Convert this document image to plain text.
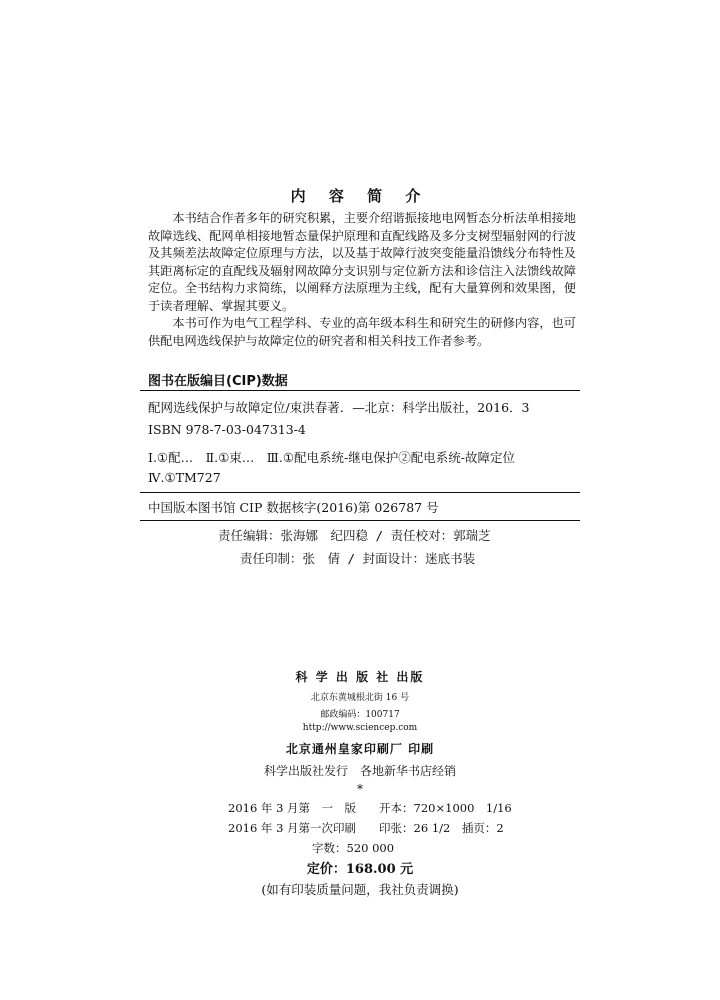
内 容 简 介

本书结合作者多年的研究积累，主要介绍谐振接地电网暂态分析法单相接地故障选线、配网单相接地暂态量保护原理和直配线路及多分支树型辐射网的行波及其频差法故障定位原理与方法，以及基于故障行波突变能量沿馈线分布特性及其距离标定的直配线及辐射网故障分支识别与定位新方法和诊信注入法馈线故障定位。全书结构力求简练，以阐释方法原理为主线，配有大量算例和效果图，便于读者理解、掌握其要义。

本书可作为电气工程学科、专业的高年级本科生和研究生的研修内容，也可供配电网选线保护与故障定位的研究者和相关科技工作者参考。

图书在版编目(CIP)数据
配网选线保护与故障定位/束洪春著．—北京：科学出版社，2016．3
ISBN 978-7-03-047313-4
Ⅰ.①配…　Ⅱ.①束…　Ⅲ.①配电系统-继电保护②配电系统-故障定位
Ⅳ.①TM727
中国版本图书馆 CIP 数据核字(2016)第 026787 号
责任编辑：张海娜　纪四稳 / 责任校对：郭瑞芝
责任印制：张　倩 / 封面设计：迷底书装
科 学 出 版 社 出版
北京东黄城根北街 16 号
邮政编码：100717
http://www.sciencep.com
北京通州皇家印刷厂 印刷
科学出版社发行　各地新华书店经销
*
2016 年 3 月第　一　版　　开本：720×1000　1/16
2016 年 3 月第一次印刷　　印张：26 1/2　插页：2
字数：520 000
定价：168.00 元
(如有印装质量问题，我社负责调换)
